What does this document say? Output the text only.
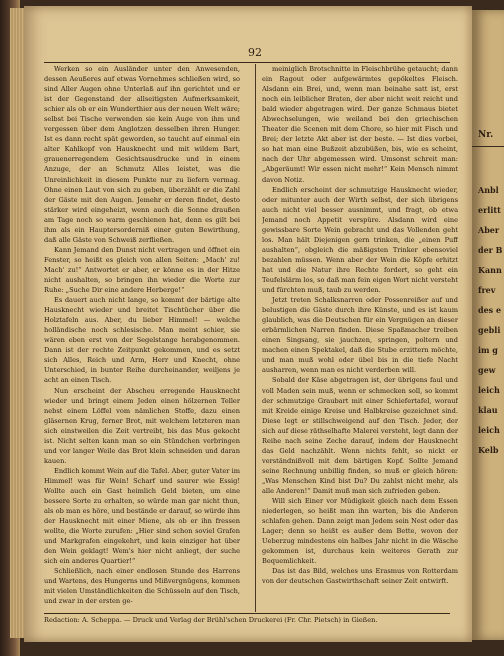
Nr.
Anbl
erlitt
Aber
der B
Kann
frev
des e
gebli
im g
gew
leich
klau
leich
Kelb
92

Werken so ein Ausländer unter den Anwesenden, dessen Aeußeres auf etwas Vornehmes schließen wird, so sind Aller Augen ohne Unterlaß auf ihn gerichtet und er ist der Gegenstand der allseitigsten Aufmerksamkeit, schier als ob er ein Wunderthier aus der neuen Welt wäre; selbst bei Tische verwenden sie kein Auge von ihm und vergessen über dem Anglotzen desselben ihren Hunger. Ist es dann recht spät geworden, so taucht auf einmal ein alter Kahlkopf von Hausknecht und mit wildem Bart, grauenerregendem Gesichtsausdrucke und in einem Anzuge, der an Schmutz Alles leistet, was die Unreinlichkeit in diesem Punkte nur zu liefern vermag. Ohne einen Laut von sich zu geben, überzählt er die Zahl der Gäste mit den Augen. Jemehr er deren findet, desto stärker wird eingeheizt, wenn auch die Sonne draußen am Tage noch so warm geschienen hat, denn es gilt bei ihm als ein Hauptersorderniß einer guten Bewirthung, daß alle Gäste von Schweiß zerfließen.

Kann Jemand den Dunst nicht vertragen und öffnet ein Fenster, so heißt es gleich von allen Seiten: „Mach' zu! Mach' zu!“ Antwortet er aber, er könne es in der Hitze nicht aushalten, so bringen ihn wieder die Worte zur Ruhe: „Suche Dir eine andere Herberge!“

Es dauert auch nicht lange, so kommt der bärtige alte Hausknecht wieder und breitet Tischtücher über die Holztafeln aus. Aber, du lieber Himmel! — welche holländische noch schlesische. Man meint schier, sie wären eben erst von der Segelstange herabgenommen. Dann ist der rechte Zeitpunkt gekommen, und es setzt sich Alles, Reich und Arm, Herr und Knecht, ohne Unterschied, in bunter Reihe durcheinander, weiljens je acht an einen Tisch.

Nun erscheint der Abscheu erregende Hausknecht wieder und bringt einem Jeden einen hölzernen Teller nebst einem Löffel vom nämlichen Stoffe, dazu einen gläsernen Krug, ferner Brot, mit welchem letzteren man sich einstweilen die Zeit vertreibt, bis das Mus gekocht ist. Nicht selten kann man so ein Stündchen verbringen und vor langer Weile das Brot klein schneiden und daran kauen.

Endlich kommt Wein auf die Tafel. Aber, guter Vater im Himmel! was für Wein! Scharf und saurer wie Essig! Wollte auch ein Gast heimlich Geld bieten, um eine bessere Sorte zu erhalten, so würde man gar nicht thun, als ob man es höre, und bestände er darauf, so würde ihm der Hausknecht mit einer Miene, als ob er ihn fressen wollte, die Worte zurufen: „Hier sind schon soviel Grafen und Markgrafen eingekehrt, und kein einziger hat über den Wein geklagt! Wem's hier nicht anliegt, der suche sich ein anderes Quartier!“

Schließlich, nach einer endlosen Stunde des Harrens und Wartens, des Hungerns und Mißvergnügens, kommen mit vielen Umständlichkeiten die Schüsseln auf den Tisch, und zwar in der ersten ge-

meiniglich Brotschnitte in Fleischbrühe getaucht; dann ein Ragout oder aufgewärmtes gepökeltes Fleisch. Alsdann ein Brei, und, wenn man beinahe satt ist, erst noch ein leiblicher Braten, der aber nicht weit reicht und bald wieder abgetragen wird. Der ganze Schmaus bietet Abwechselungen, wie weiland bei den griechischen Theater die Scenen mit dem Chore, so hier mit Fisch und Brei; der letzte Akt aber ist der beste. — Ist dies vorbei, so hat man eine Bußzeit abzubüßen, bis, wie es scheint, nach der Uhr abgemessen wird. Umsonst schreit man: „Abgeräumt! Wir essen nicht mehr!“ Kein Mensch nimmt davon Notiz.

Endlich erscheint der schmutzige Hausknecht wieder, oder mitunter auch der Wirth selbst, der sich übrigens auch nicht viel besser ausnimmt, und fragt, ob etwa Jemand noch Appetit verspüre. Alsdann wird eine gewissbare Sorte Wein gebracht und das Vollenden geht los. Man hält Diejenigen gern trinken, die „einen Puff aushalten“, obgleich die mäßigsten Trinker ebensoviel bezahlen müssen. Wenn aber der Wein die Köpfe erhitzt hat und die Natur ihre Rechte fordert, so geht ein Teufelslärm los, so daß man fein eigen Wort nicht versteht und fürchten muß, taub zu werden.

Jetzt treten Schalksnarren oder Possenreißer auf und belustigen die Gäste durch ihre Künste, und es ist kaum glaublich, was die Deutschen für ein Vergnügen an dieser erbärmlichen Narren finden. Diese Spaßmacher treiben einen Singsang, sie jauchzen, springen, poltern und machen einen Spektakel, daß die Stube erzittern möchte, und man muß wohl oder übel bis in die tiefe Nacht ausharren, wenn man es nicht verderben will.

Sobald der Käse abgetragen ist, der übrigens faul und voll Maden sein muß, wenn er schmecken soll, so kommt der schmutzige Graubart mit einer Schiefertafel, worauf mit Kreide einige Kreise und Halbkreise gezeichnet sind. Diese legt er stillschweigend auf den Tisch. Jeder, der sich auf diese räthselhafte Malerei versteht, legt dann der Reihe nach seine Zeche darauf, indem der Hausknecht das Geld nachzählt. Wenn nichts fehlt, so nickt er verständnißvoll mit dem bärtigen Kopf. Sollte Jemand seine Rechnung unbillig finden, so muß er gleich hören: „Was Menschen Kind bist Du? Du zahlst nicht mehr, als alle Anderen!“ Damit muß man sich zufrieden geben.

Will sich Einer vor Müdigkeit gleich nach dem Essen niederlegen, so heißt man ihn warten, bis die Anderen schlafen gehen. Dann zeigt man Jedem sein Nest oder das Lager; denn so heißt es außer dem Bette, wovon der Ueberzug mindestens ein halbes Jahr nicht in die Wäsche gekommen ist, durchaus kein weiteres Gerath zur Bequemlichkeit.

Das ist das Bild, welches uns Erasmus von Rotterdam von der deutschen Gastwirthschaft seiner Zeit entwirft.

Redaction: A. Scheppa. — Druck und Verlag der Brühl'schen Druckerei (Fr. Chr. Pietsch) in Gießen.
